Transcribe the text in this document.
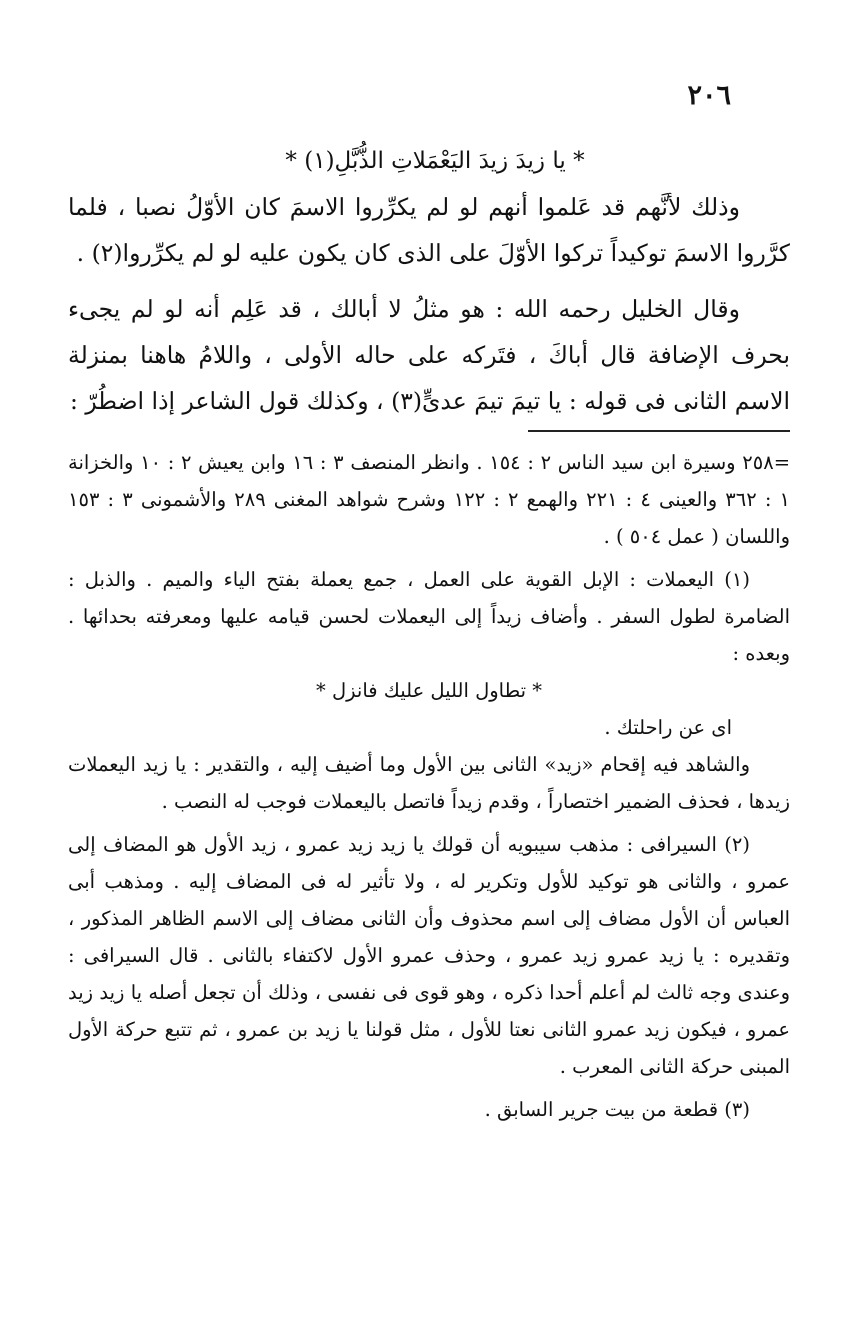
٢٠٦
* يا زيدَ زيدَ اليَعْمَلاتِ الذُّبَّلِ(١) *

وذلك لأنَّهم قد عَلموا أنهم لو لم يكرِّروا الاسمَ كان الأوّلُ نصبا ، فلما كرَّروا الاسمَ توكيداً تركوا الأوّلَ على الذى كان يكون عليه لو لم يكرِّروا(٢) .

وقال الخليل رحمه الله : هو مثلُ لا أبالك ، قد عَلِم أنه لو لم يجىء بحرف الإضافة قال أباكَ ، فتَركه على حاله الأولى ، واللامُ هاهنا بمنزلة الاسم الثانى فى قوله : يا تيمَ تيمَ عدىٍّ(٣) ، وكذلك قول الشاعر إذا اضطُرّ :

=٢٥٨ وسيرة ابن سيد الناس ٢ : ١٥٤ . وانظر المنصف ٣ : ١٦ وابن يعيش ٢ : ١٠ والخزانة ١ : ٣٦٢ والعينى ٤ : ٢٢١ والهمع ٢ : ١٢٢ وشرح شواهد المغنى ٢٨٩ والأشمونى ٣ : ١٥٣ واللسان ( عمل ٥٠٤ ) .

(١) اليعملات : الإبل القوية على العمل ، جمع يعملة بفتح الياء والميم . والذبل : الضامرة لطول السفر . وأضاف زيداً إلى اليعملات لحسن قيامه عليها ومعرفته بحدائها . وبعده :

* تطاول الليل عليك فانزل *

اى عن راحلتك .

والشاهد فيه إقحام «زيد» الثانى بين الأول وما أضيف إليه ، والتقدير : يا زيد اليعملات زيدها ، فحذف الضمير اختصاراً ، وقدم زيداً فاتصل باليعملات فوجب له النصب .

(٢) السيرافى : مذهب سيبويه أن قولك يا زيد زيد عمرو ، زيد الأول هو المضاف إلى عمرو ، والثانى هو توكيد للأول وتكرير له ، ولا تأثير له فى المضاف إليه . ومذهب أبى العباس أن الأول مضاف إلى اسم محذوف وأن الثانى مضاف إلى الاسم الظاهر المذكور ، وتقديره : يا زيد عمرو زيد عمرو ، وحذف عمرو الأول لاكتفاء بالثانى . قال السيرافى : وعندى وجه ثالث لم أعلم أحدا ذكره ، وهو قوى فى نفسى ، وذلك أن تجعل أصله يا زيد زيد عمرو ، فيكون زيد عمرو الثانى نعتا للأول ، مثل قولنا يا زيد بن عمرو ، ثم تتبع حركة الأول المبنى حركة الثانى المعرب .

(٣) قطعة من بيت جرير السابق .
